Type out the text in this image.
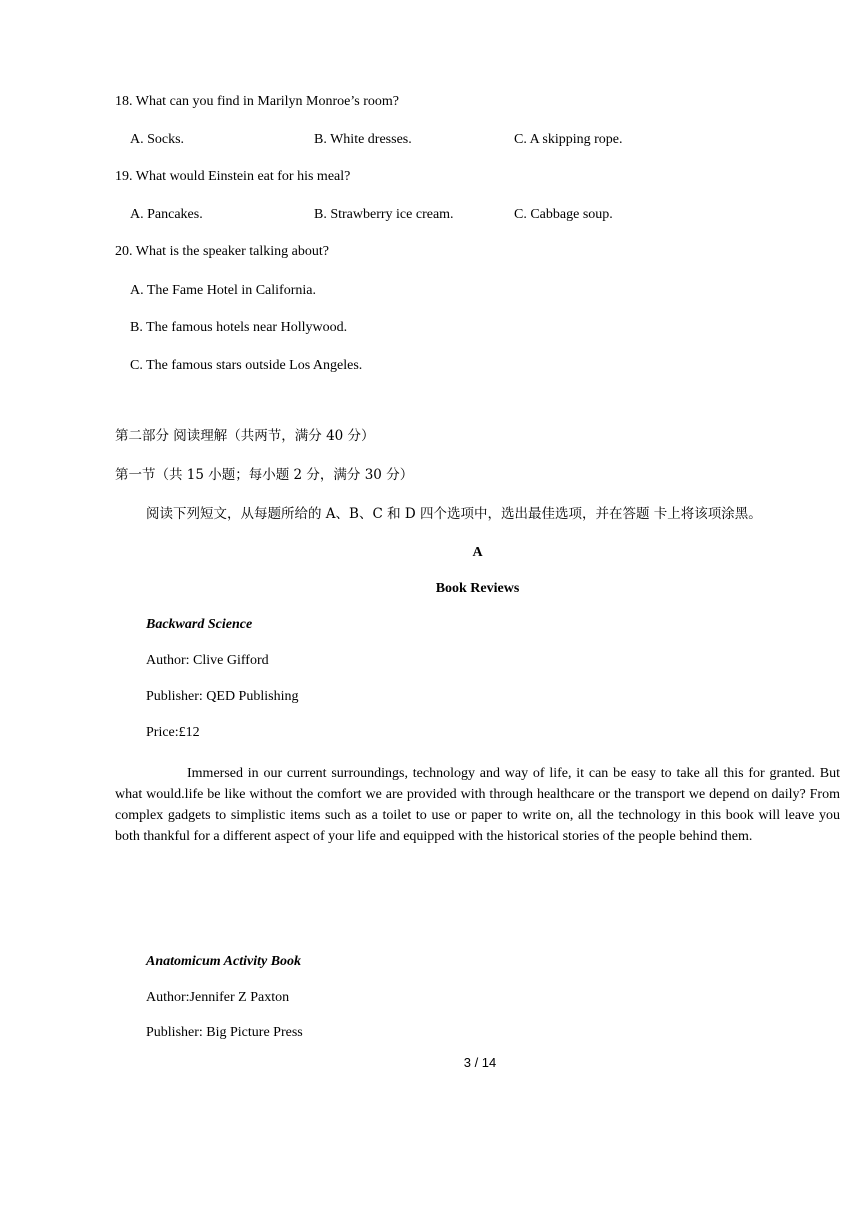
18. What can you find in Marilyn Monroe’s room?
A. Socks.	B. White dresses.	C. A skipping rope.
19. What would Einstein eat for his meal?
A. Pancakes.	B. Strawberry ice cream.	C. Cabbage soup.
20. What is the speaker talking about?
A. The Fame Hotel in California.
B. The famous hotels near Hollywood.
C. The famous stars outside Los Angeles.
第二部分 阅读理解（共两节，满分 40 分）
第一节（共 15 小题；每小题 2 分，满分 30 分）
阅读下列短文，从每题所给的 A、B、C 和 D 四个选项中，选出最佳选项，并在答题 卡上将该项涂黑。
A
Book Reviews
Backward Science
Author: Clive Gifford
Publisher: QED Publishing
Price:£12
Immersed in our current surroundings, technology and way of life, it can be easy to take all this for granted. But what would.life be like without the comfort we are provided with through healthcare or the transport we depend on daily? From complex gadgets to simplistic items such as a toilet to use or paper to write on, all the technology in this book will leave you both thankful for a different aspect of your life and equipped with the historical stories of the people behind them.
Anatomicum Activity Book
Author:Jennifer Z Paxton
Publisher: Big Picture Press
3 / 14
